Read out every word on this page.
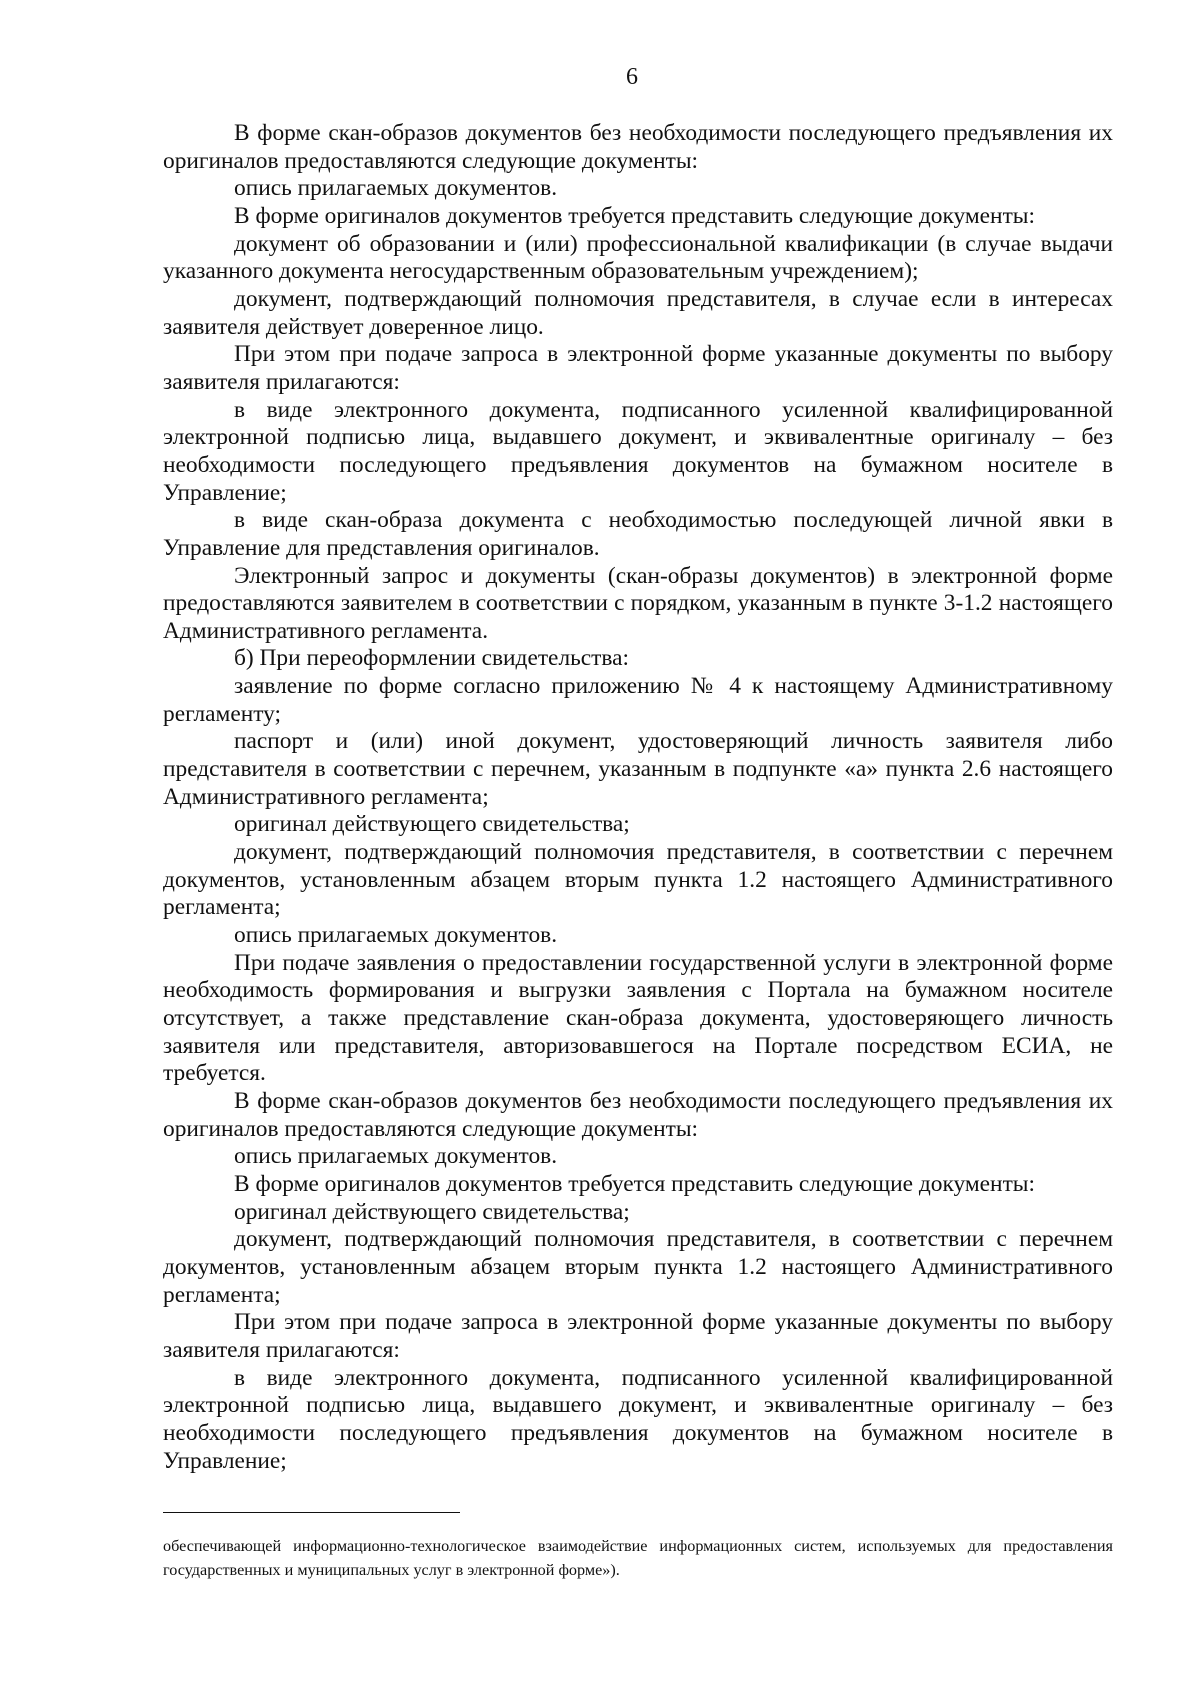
6

В форме скан-образов документов без необходимости последующего предъявления их оригиналов предоставляются следующие документы:

опись прилагаемых документов.

В форме оригиналов документов требуется представить следующие документы:

документ об образовании и (или) профессиональной квалификации (в случае выдачи указанного документа негосударственным образовательным учреждением);

документ, подтверждающий полномочия представителя, в случае если в интересах заявителя действует доверенное лицо.

При этом при подаче запроса в электронной форме указанные документы по выбору заявителя прилагаются:

в виде электронного документа, подписанного усиленной квалифицированной электронной подписью лица, выдавшего документ, и эквивалентные оригиналу – без необходимости последующего предъявления документов на бумажном носителе в Управление;

в виде скан-образа документа с необходимостью последующей личной явки в Управление для представления оригиналов.

Электронный запрос и документы (скан-образы документов) в электронной форме предоставляются заявителем в соответствии с порядком, указанным в пункте 3-1.2 настоящего Административного регламента.

б) При переоформлении свидетельства:

заявление по форме согласно приложению № 4 к настоящему Административному регламенту;

паспорт и (или) иной документ, удостоверяющий личность заявителя либо представителя в соответствии с перечнем, указанным в подпункте «а» пункта 2.6 настоящего Административного регламента;

оригинал действующего свидетельства;

документ, подтверждающий полномочия представителя, в соответствии с перечнем документов, установленным абзацем вторым пункта 1.2 настоящего Административного регламента;

опись прилагаемых документов.

При подаче заявления о предоставлении государственной услуги в электронной форме необходимость формирования и выгрузки заявления с Портала на бумажном носителе отсутствует, а также представление скан-образа документа, удостоверяющего личность заявителя или представителя, авторизовавшегося на Портале посредством ЕСИА, не требуется.

В форме скан-образов документов без необходимости последующего предъявления их оригиналов предоставляются следующие документы:

опись прилагаемых документов.

В форме оригиналов документов требуется представить следующие документы:

оригинал действующего свидетельства;

документ, подтверждающий полномочия представителя, в соответствии с перечнем документов, установленным абзацем вторым пункта 1.2 настоящего Административного регламента;

При этом при подаче запроса в электронной форме указанные документы по выбору заявителя прилагаются:

в виде электронного документа, подписанного усиленной квалифицированной электронной подписью лица, выдавшего документ, и эквивалентные оригиналу – без необходимости последующего предъявления документов на бумажном носителе в Управление;

обеспечивающей информационно-технологическое взаимодействие информационных систем, используемых для предоставления государственных и муниципальных услуг в электронной форме»).
